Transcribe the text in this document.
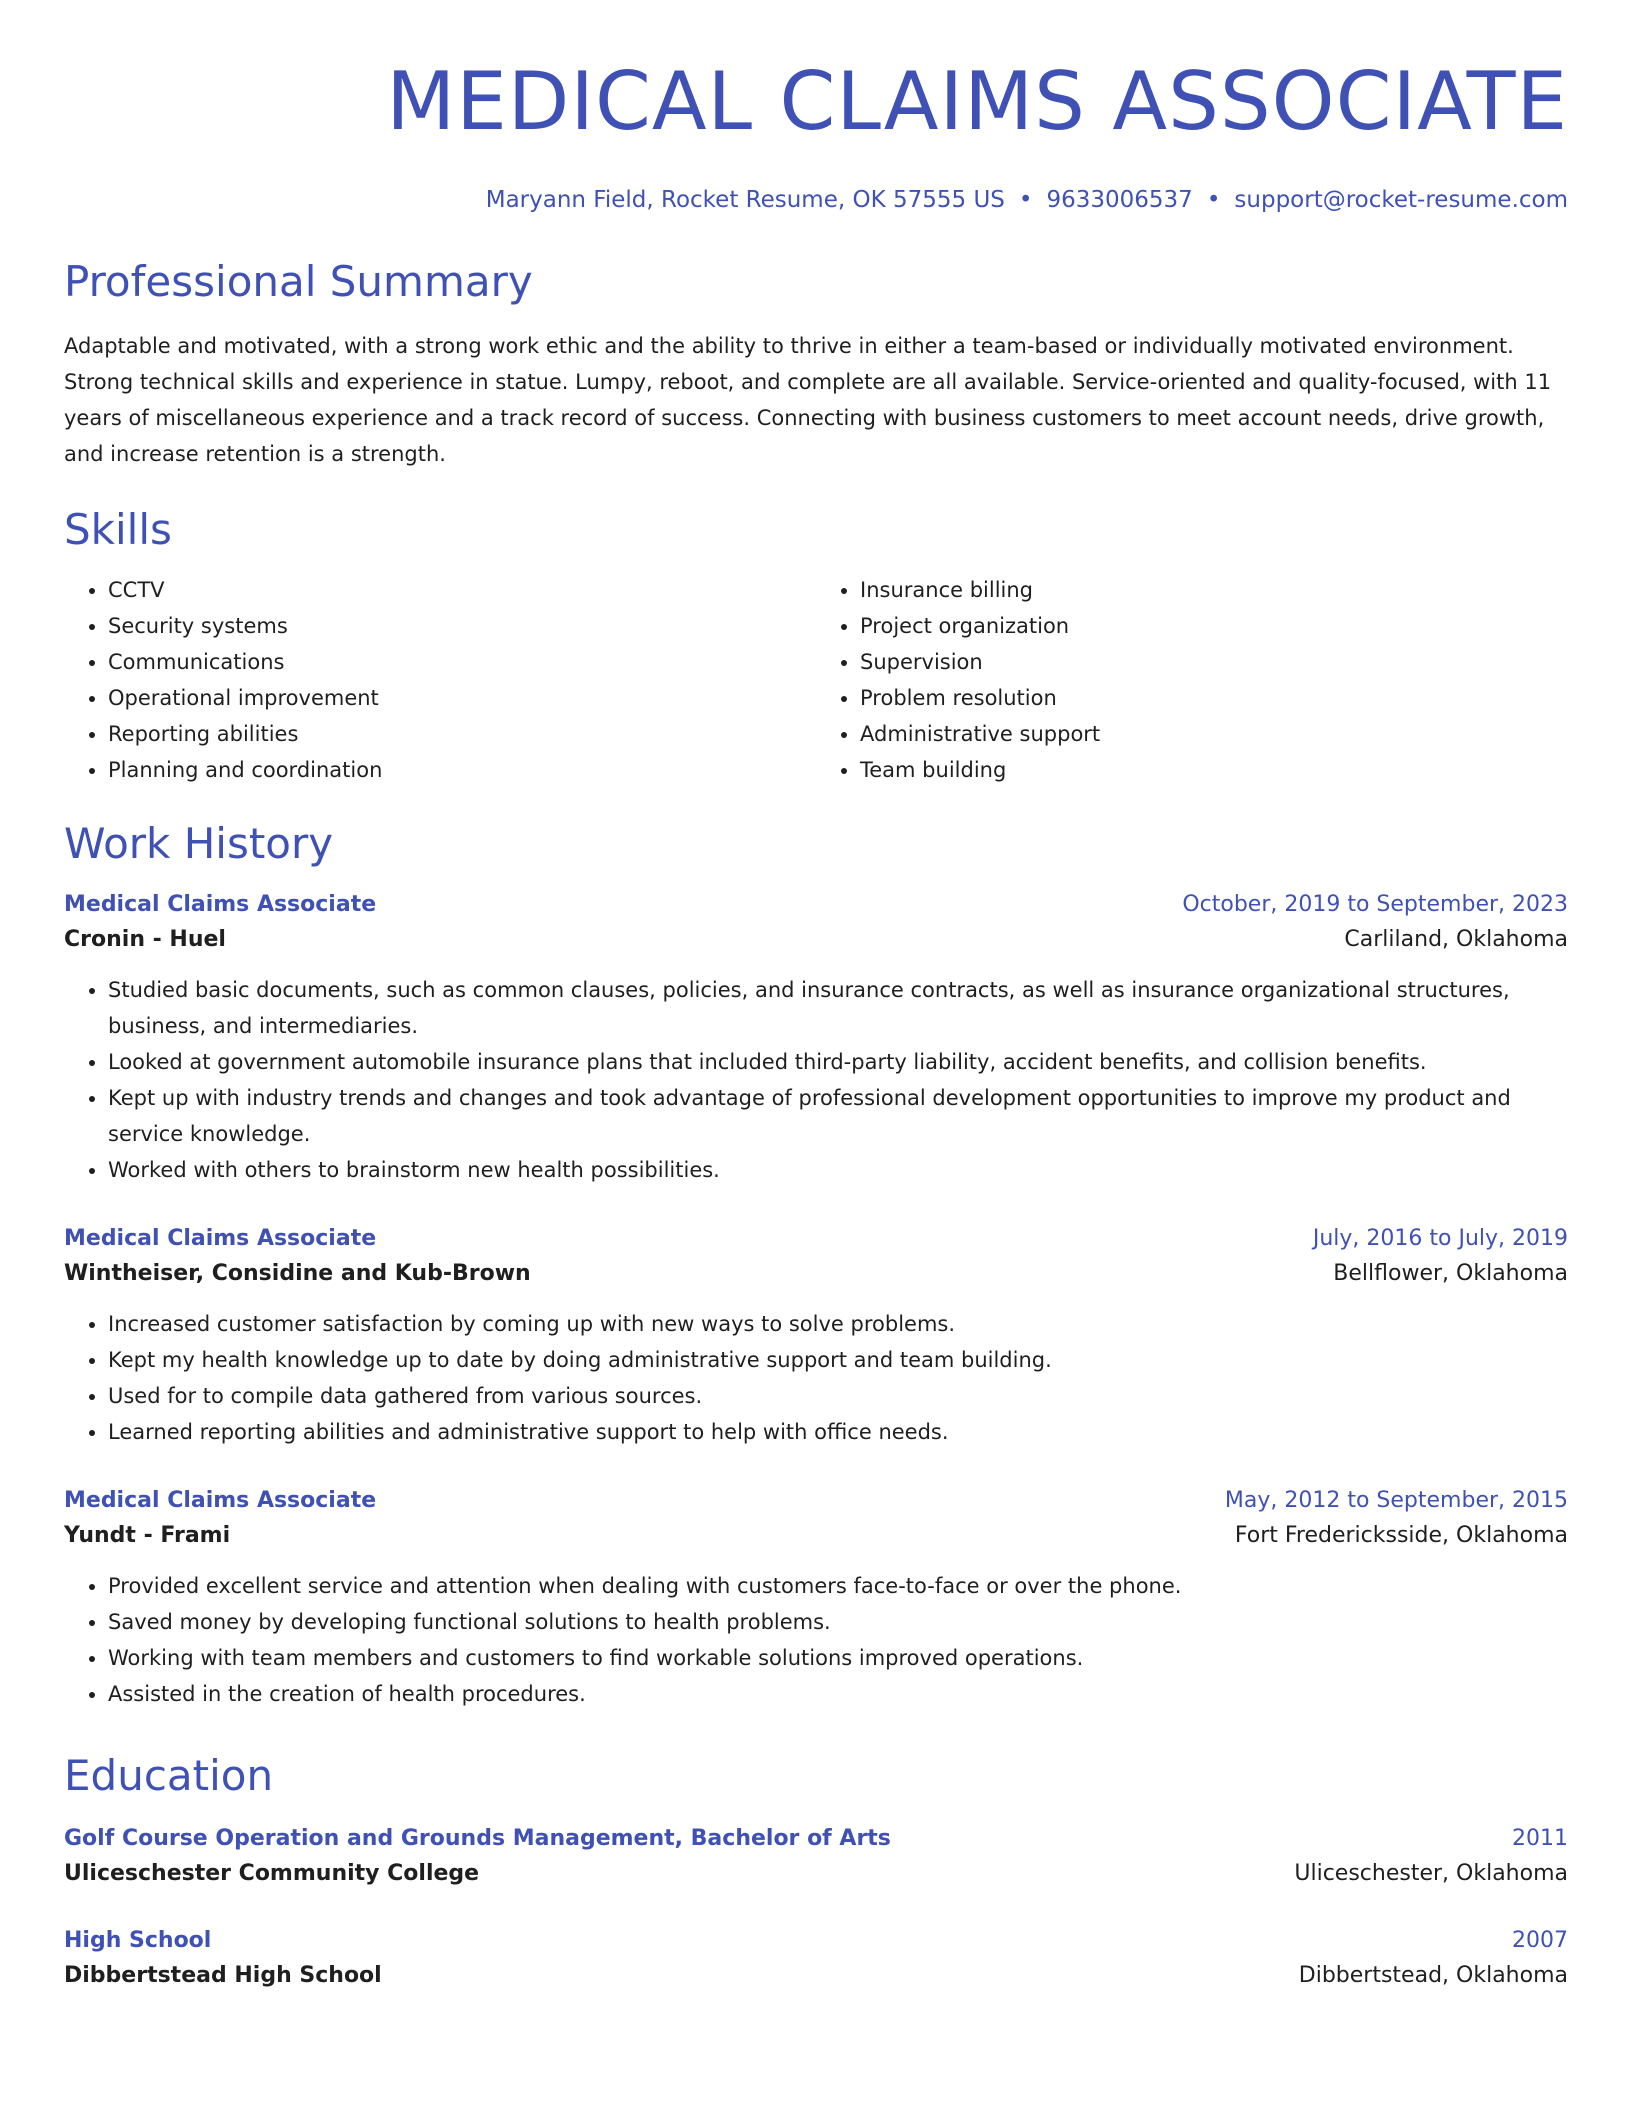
MEDICAL CLAIMS ASSOCIATE
Maryann Field, Rocket Resume, OK 57555 US • 9633006537 • support@rocket-resume.com
Professional Summary
Adaptable and motivated, with a strong work ethic and the ability to thrive in either a team-based or individually motivated environment. Strong technical skills and experience in statue. Lumpy, reboot, and complete are all available. Service-oriented and quality-focused, with 11 years of miscellaneous experience and a track record of success. Connecting with business customers to meet account needs, drive growth, and increase retention is a strength.
Skills
• CCTV
• Security systems
• Communications
• Operational improvement
• Reporting abilities
• Planning and coordination
• Insurance billing
• Project organization
• Supervision
• Problem resolution
• Administrative support
• Team building
Work History
Medical Claims Associate	October, 2019 to September, 2023
Cronin - Huel	Carliland, Oklahoma
• Studied basic documents, such as common clauses, policies, and insurance contracts, as well as insurance organizational structures, business, and intermediaries.
• Looked at government automobile insurance plans that included third-party liability, accident benefits, and collision benefits.
• Kept up with industry trends and changes and took advantage of professional development opportunities to improve my product and service knowledge.
• Worked with others to brainstorm new health possibilities.
Medical Claims Associate	July, 2016 to July, 2019
Wintheiser, Considine and Kub-Brown	Bellflower, Oklahoma
• Increased customer satisfaction by coming up with new ways to solve problems.
• Kept my health knowledge up to date by doing administrative support and team building.
• Used for to compile data gathered from various sources.
• Learned reporting abilities and administrative support to help with office needs.
Medical Claims Associate	May, 2012 to September, 2015
Yundt - Frami	Fort Fredericksside, Oklahoma
• Provided excellent service and attention when dealing with customers face-to-face or over the phone.
• Saved money by developing functional solutions to health problems.
• Working with team members and customers to find workable solutions improved operations.
• Assisted in the creation of health procedures.
Education
Golf Course Operation and Grounds Management, Bachelor of Arts	2011
Uliceschester Community College	Uliceschester, Oklahoma
High School	2007
Dibbertstead High School	Dibbertstead, Oklahoma
